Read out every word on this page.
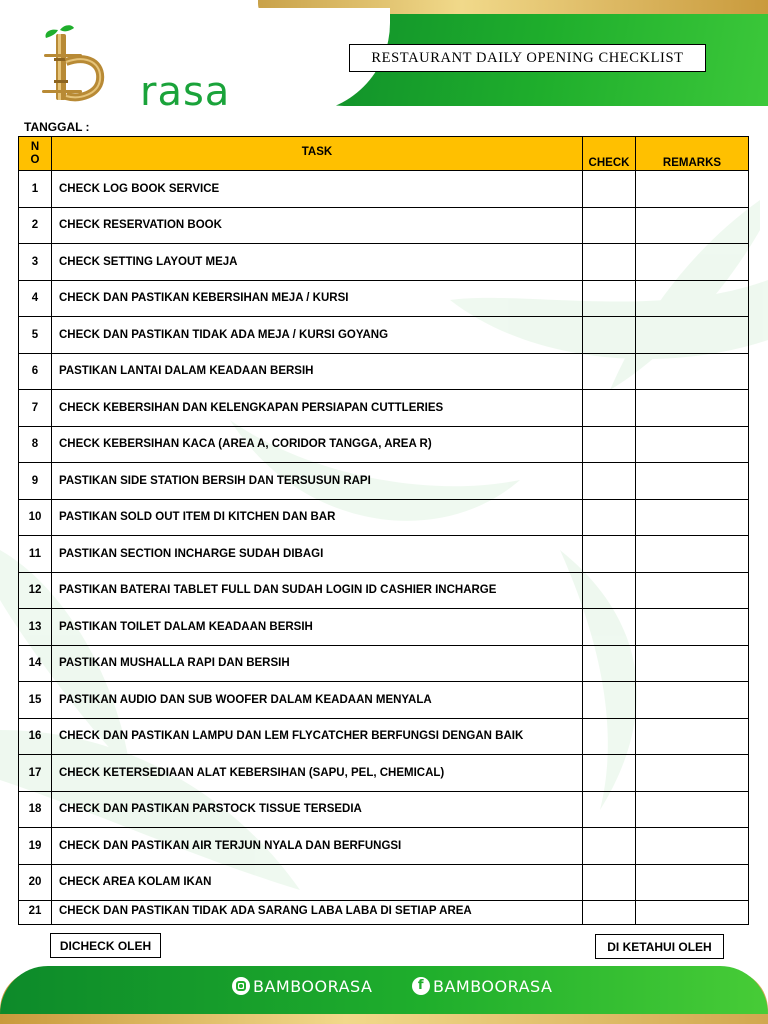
rasa
RESTAURANT DAILY OPENING CHECKLIST
TANGGAL :
N
O	TASK	CHECK	REMARKS
1	CHECK LOG BOOK SERVICE		
2	CHECK RESERVATION BOOK		
3	CHECK SETTING LAYOUT MEJA		
4	CHECK DAN PASTIKAN KEBERSIHAN MEJA / KURSI		
5	CHECK DAN PASTIKAN TIDAK ADA MEJA / KURSI GOYANG		
6	PASTIKAN LANTAI DALAM KEADAAN BERSIH		
7	CHECK KEBERSIHAN DAN KELENGKAPAN PERSIAPAN CUTTLERIES		
8	CHECK KEBERSIHAN KACA (AREA A, CORIDOR TANGGA, AREA R)		
9	PASTIKAN SIDE STATION BERSIH DAN TERSUSUN RAPI		
10	PASTIKAN SOLD OUT ITEM DI KITCHEN DAN BAR		
11	PASTIKAN SECTION INCHARGE SUDAH DIBAGI		
12	PASTIKAN BATERAI TABLET FULL DAN SUDAH LOGIN ID CASHIER INCHARGE		
13	PASTIKAN TOILET DALAM KEADAAN BERSIH		
14	PASTIKAN MUSHALLA RAPI DAN BERSIH		
15	PASTIKAN AUDIO DAN SUB WOOFER DALAM KEADAAN MENYALA		
16	CHECK DAN PASTIKAN LAMPU DAN LEM FLYCATCHER BERFUNGSI DENGAN BAIK		
17	CHECK KETERSEDIAAN ALAT KEBERSIHAN (SAPU, PEL, CHEMICAL)		
18	CHECK DAN PASTIKAN PARSTOCK TISSUE TERSEDIA		
19	CHECK DAN PASTIKAN AIR TERJUN NYALA DAN BERFUNGSI		
20	CHECK AREA KOLAM IKAN		
21	CHECK DAN PASTIKAN TIDAK ADA SARANG LABA LABA DI SETIAP AREA		
DICHECK OLEH	DI KETAHUI OLEH
BAMBOORASA	f BAMBOORASA
